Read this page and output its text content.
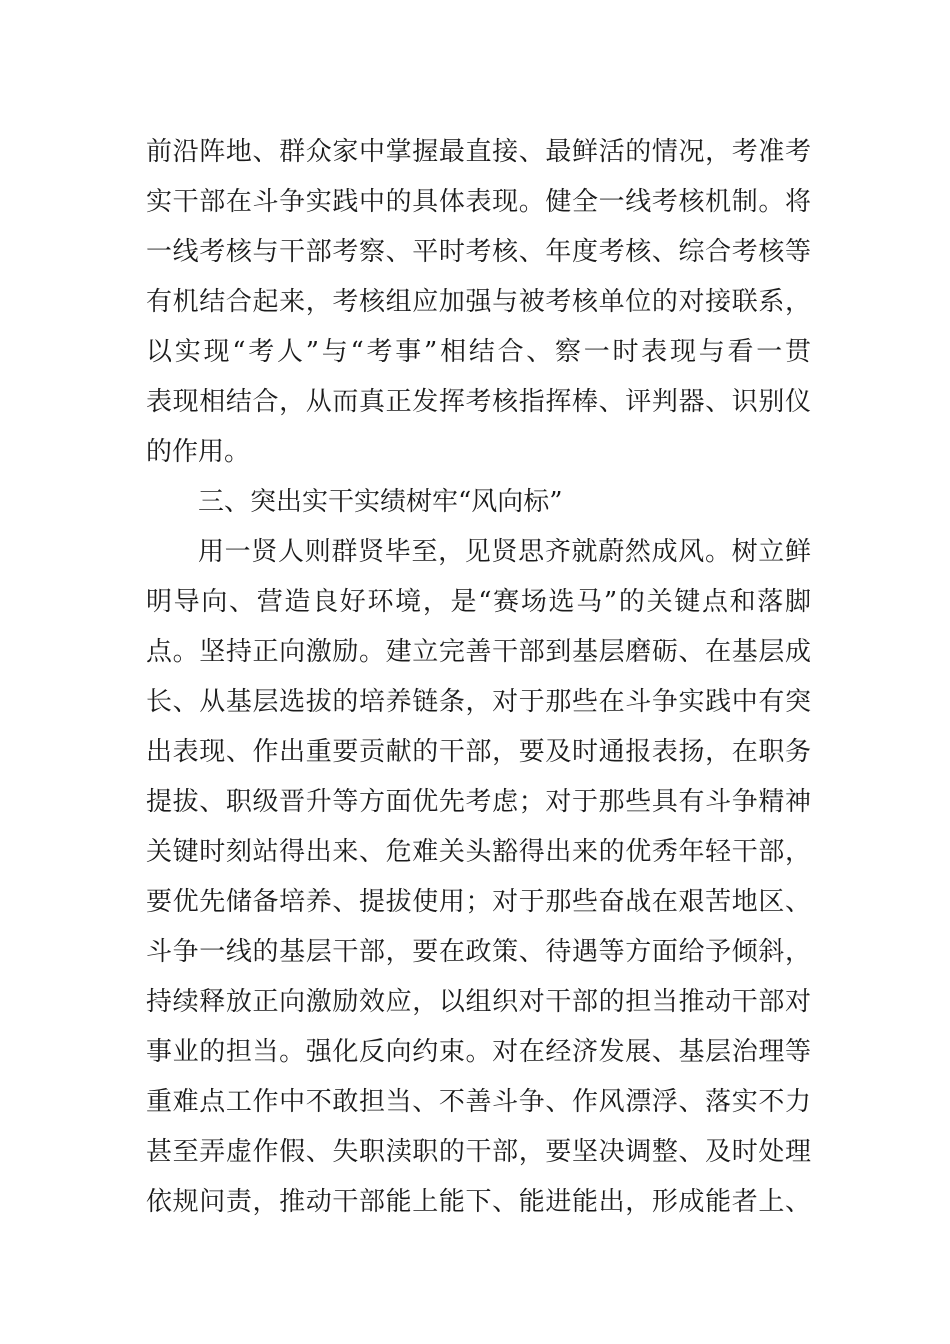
前沿阵地、群众家中掌握最直接、最鲜活的情况，考准考
实干部在斗争实践中的具体表现。健全一线考核机制。将
一线考核与干部考察、平时考核、年度考核、综合考核等
有机结合起来，考核组应加强与被考核单位的对接联系，
以实现“考人”与“考事”相结合、察一时表现与看一贯
表现相结合，从而真正发挥考核指挥棒、评判器、识别仪
的作用。
三、突出实干实绩树牢“风向标”
用一贤人则群贤毕至，见贤思齐就蔚然成风。树立鲜
明导向、营造良好环境，是“赛场选马”的关键点和落脚
点。坚持正向激励。建立完善干部到基层磨砺、在基层成
长、从基层选拔的培养链条，对于那些在斗争实践中有突
出表现、作出重要贡献的干部，要及时通报表扬，在职务
提拔、职级晋升等方面优先考虑；对于那些具有斗争精神
关键时刻站得出来、危难关头豁得出来的优秀年轻干部，
要优先储备培养、提拔使用；对于那些奋战在艰苦地区、
斗争一线的基层干部，要在政策、待遇等方面给予倾斜，
持续释放正向激励效应，以组织对干部的担当推动干部对
事业的担当。强化反向约束。对在经济发展、基层治理等
重难点工作中不敢担当、不善斗争、作风漂浮、落实不力
甚至弄虚作假、失职渎职的干部，要坚决调整、及时处理
依规问责，推动干部能上能下、能进能出，形成能者上、
